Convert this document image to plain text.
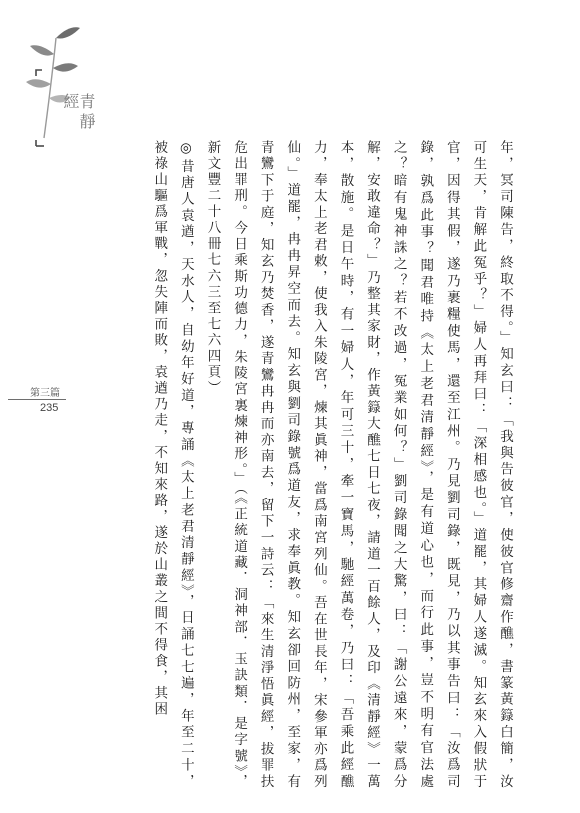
青靜經

年，冥司陳告，終取不得。」知玄曰：「我與告彼官，使彼官修齋作醮，書篆黃籙白簡，汝可生天，肯解此冤乎？」婦人再拜曰：「深相感也。」道罷，其婦人遂滅。知玄來入假狀于官，因得其假，遂乃裹糧使馬，還至江州。乃見劉司錄，既見，乃以其事告曰：「汝爲司錄，孰爲此事？聞君唯持《太上老君清靜經》，是有道心也，而行此事，豈不明有官法處之？暗有鬼神誅之？若不改過，冤業如何？」劉司錄聞之大驚，曰：「謝公遠來，蒙爲分解，安敢違命？」乃整其家財，作黃籙大醮七日七夜，請道一百餘人，及印《清靜經》一萬本，散施。是日午時，有一婦人，年可三十，牽一寶馬，馳經萬卷，乃曰：「吾乘此經醮力，奉太上老君敕，使我入朱陵宮，煉其眞神，當爲南宮列仙。吾在世長年，宋參軍亦爲列仙。」道罷，冉冉昇空而去。知玄與劉司錄號爲道友，求奉眞教。知玄卻回防州，至家，有青鸞下于庭，知玄乃焚香，遂青鸞冉冉而亦南去，留下一詩云：「來生清淨悟眞經，拔罪扶危出罪刑。今日乘斯功德力，朱陵宮裏煉神形。」（《正統道藏．洞神部．玉訣類．是字號》，新文豐二十八冊七六三至七六四頁）

◎昔唐人袁遒，天水人，自幼年好道，專誦《太上老君清靜經》，日誦七七遍，年至二十，被祿山驅爲軍戰，忽失陣而敗，袁遒乃走，不知來路，遂於山叢之間不得食，其困

第三篇
235
